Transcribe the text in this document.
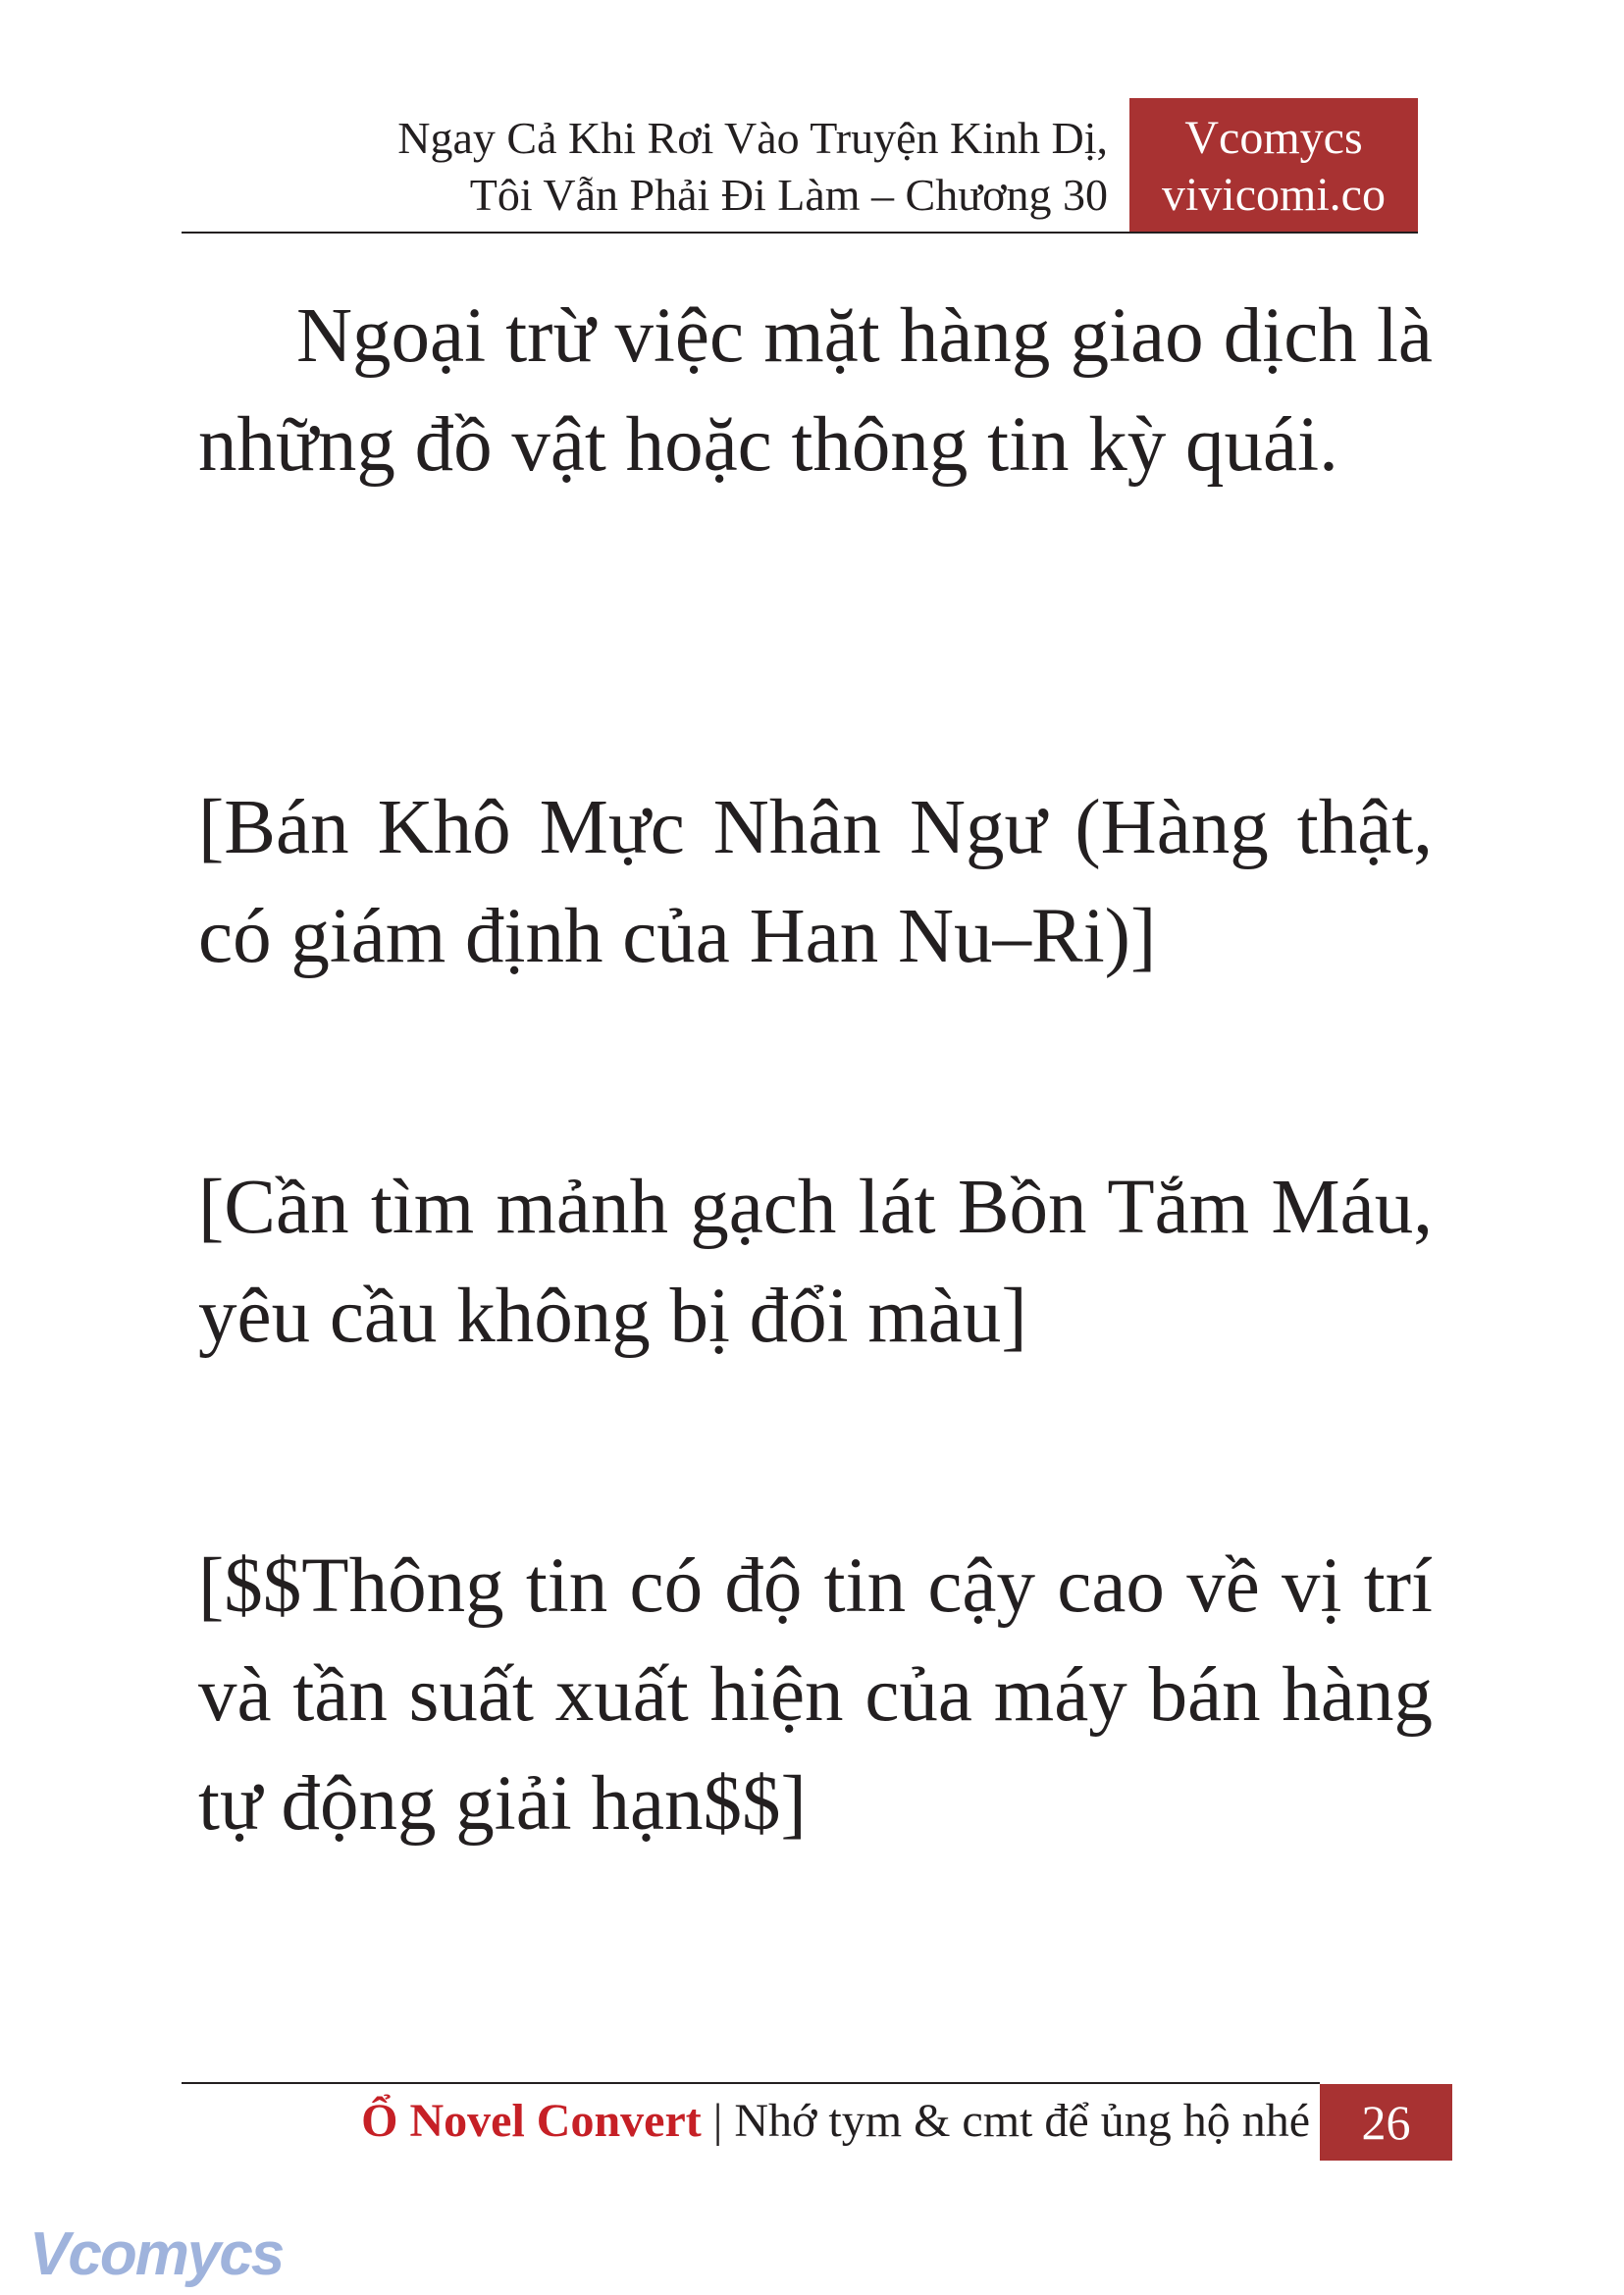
Ngay Cả Khi Rơi Vào Truyện Kinh Dị,
Tôi Vẫn Phải Đi Làm – Chương 30
Vcomycs
vivicomi.co

Ngoại trừ việc mặt hàng giao dịch là những đồ vật hoặc thông tin kỳ quái.

[Bán Khô Mực Nhân Ngư (Hàng thật, có giám định của Han Nu–Ri)]

[Cần tìm mảnh gạch lát Bồn Tắm Máu, yêu cầu không bị đổi màu]

[$$Thông tin có độ tin cậy cao về vị trí và tần suất xuất hiện của máy bán hàng tự động giải hạn$$]

Ổ Novel Convert | Nhớ tym & cmt để ủng hộ nhé	26
Vcomycs
